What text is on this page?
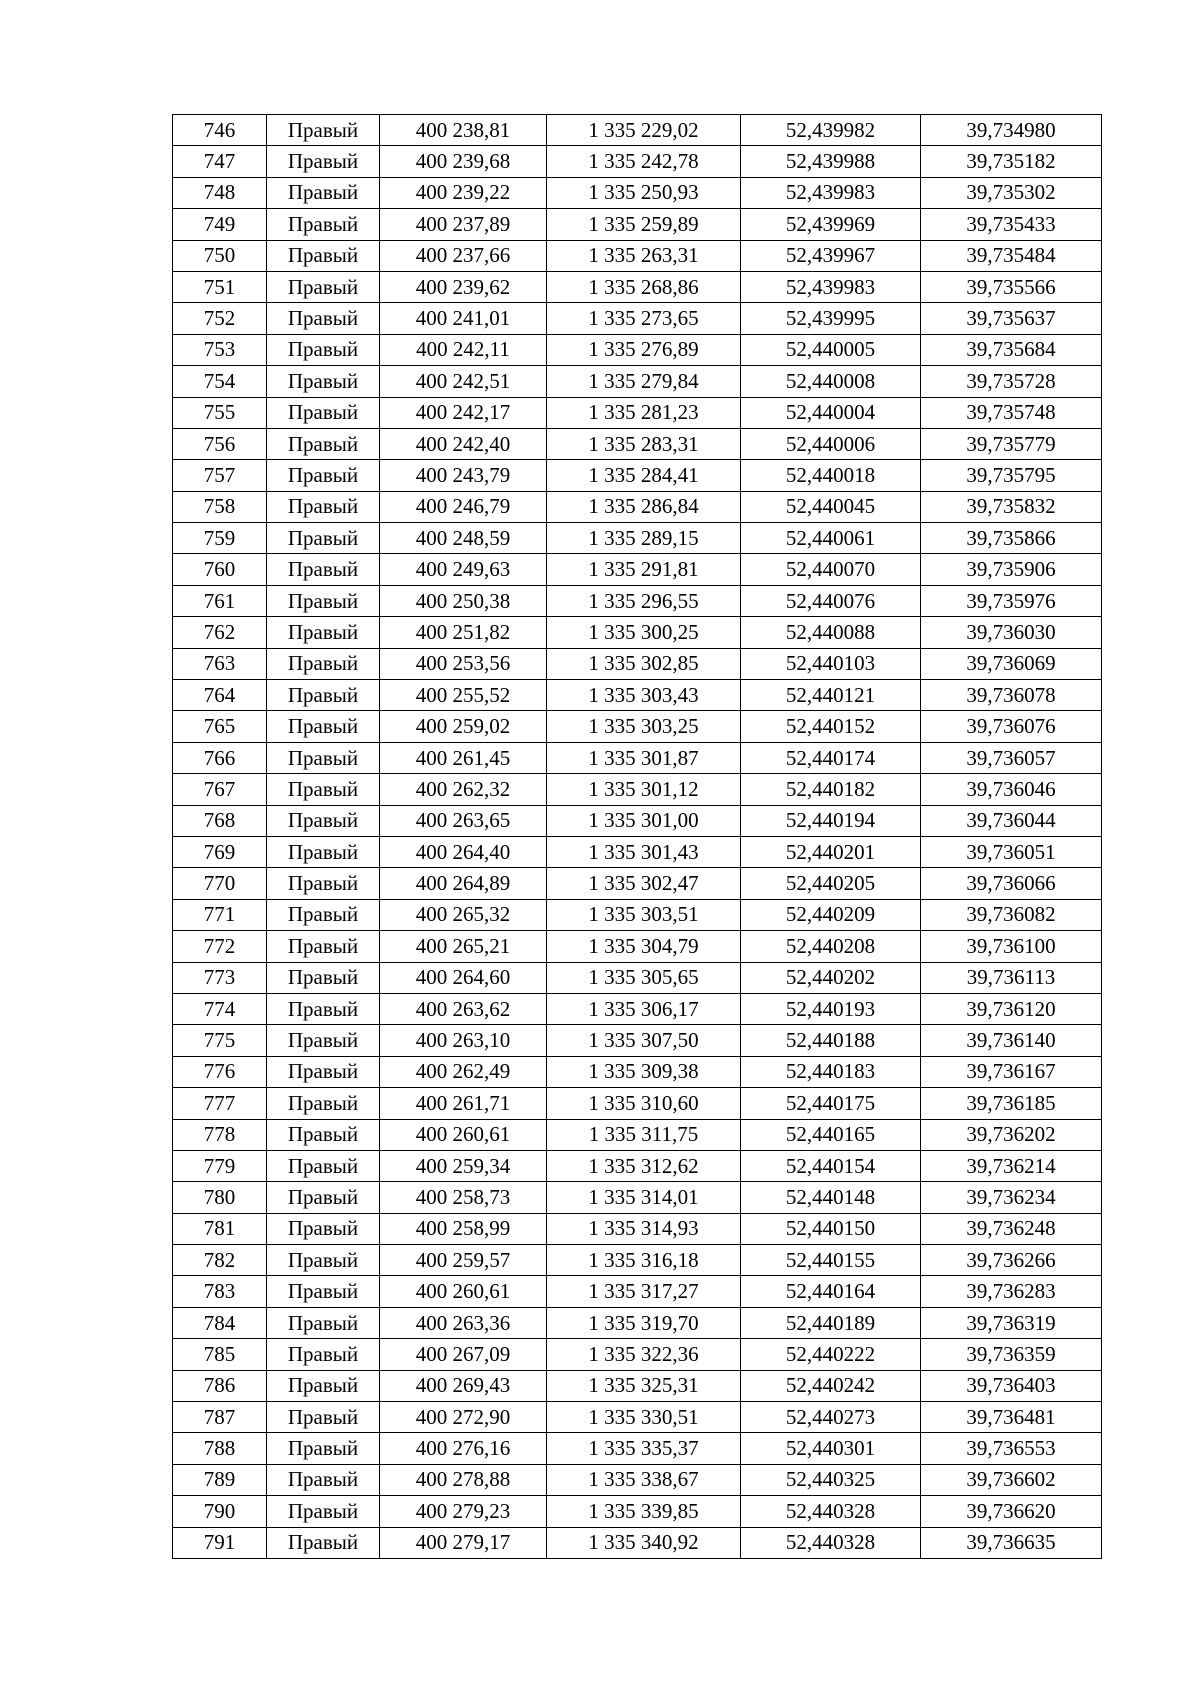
746	Правый	400 238,81	1 335 229,02	52,439982	39,734980
747	Правый	400 239,68	1 335 242,78	52,439988	39,735182
748	Правый	400 239,22	1 335 250,93	52,439983	39,735302
749	Правый	400 237,89	1 335 259,89	52,439969	39,735433
750	Правый	400 237,66	1 335 263,31	52,439967	39,735484
751	Правый	400 239,62	1 335 268,86	52,439983	39,735566
752	Правый	400 241,01	1 335 273,65	52,439995	39,735637
753	Правый	400 242,11	1 335 276,89	52,440005	39,735684
754	Правый	400 242,51	1 335 279,84	52,440008	39,735728
755	Правый	400 242,17	1 335 281,23	52,440004	39,735748
756	Правый	400 242,40	1 335 283,31	52,440006	39,735779
757	Правый	400 243,79	1 335 284,41	52,440018	39,735795
758	Правый	400 246,79	1 335 286,84	52,440045	39,735832
759	Правый	400 248,59	1 335 289,15	52,440061	39,735866
760	Правый	400 249,63	1 335 291,81	52,440070	39,735906
761	Правый	400 250,38	1 335 296,55	52,440076	39,735976
762	Правый	400 251,82	1 335 300,25	52,440088	39,736030
763	Правый	400 253,56	1 335 302,85	52,440103	39,736069
764	Правый	400 255,52	1 335 303,43	52,440121	39,736078
765	Правый	400 259,02	1 335 303,25	52,440152	39,736076
766	Правый	400 261,45	1 335 301,87	52,440174	39,736057
767	Правый	400 262,32	1 335 301,12	52,440182	39,736046
768	Правый	400 263,65	1 335 301,00	52,440194	39,736044
769	Правый	400 264,40	1 335 301,43	52,440201	39,736051
770	Правый	400 264,89	1 335 302,47	52,440205	39,736066
771	Правый	400 265,32	1 335 303,51	52,440209	39,736082
772	Правый	400 265,21	1 335 304,79	52,440208	39,736100
773	Правый	400 264,60	1 335 305,65	52,440202	39,736113
774	Правый	400 263,62	1 335 306,17	52,440193	39,736120
775	Правый	400 263,10	1 335 307,50	52,440188	39,736140
776	Правый	400 262,49	1 335 309,38	52,440183	39,736167
777	Правый	400 261,71	1 335 310,60	52,440175	39,736185
778	Правый	400 260,61	1 335 311,75	52,440165	39,736202
779	Правый	400 259,34	1 335 312,62	52,440154	39,736214
780	Правый	400 258,73	1 335 314,01	52,440148	39,736234
781	Правый	400 258,99	1 335 314,93	52,440150	39,736248
782	Правый	400 259,57	1 335 316,18	52,440155	39,736266
783	Правый	400 260,61	1 335 317,27	52,440164	39,736283
784	Правый	400 263,36	1 335 319,70	52,440189	39,736319
785	Правый	400 267,09	1 335 322,36	52,440222	39,736359
786	Правый	400 269,43	1 335 325,31	52,440242	39,736403
787	Правый	400 272,90	1 335 330,51	52,440273	39,736481
788	Правый	400 276,16	1 335 335,37	52,440301	39,736553
789	Правый	400 278,88	1 335 338,67	52,440325	39,736602
790	Правый	400 279,23	1 335 339,85	52,440328	39,736620
791	Правый	400 279,17	1 335 340,92	52,440328	39,736635
